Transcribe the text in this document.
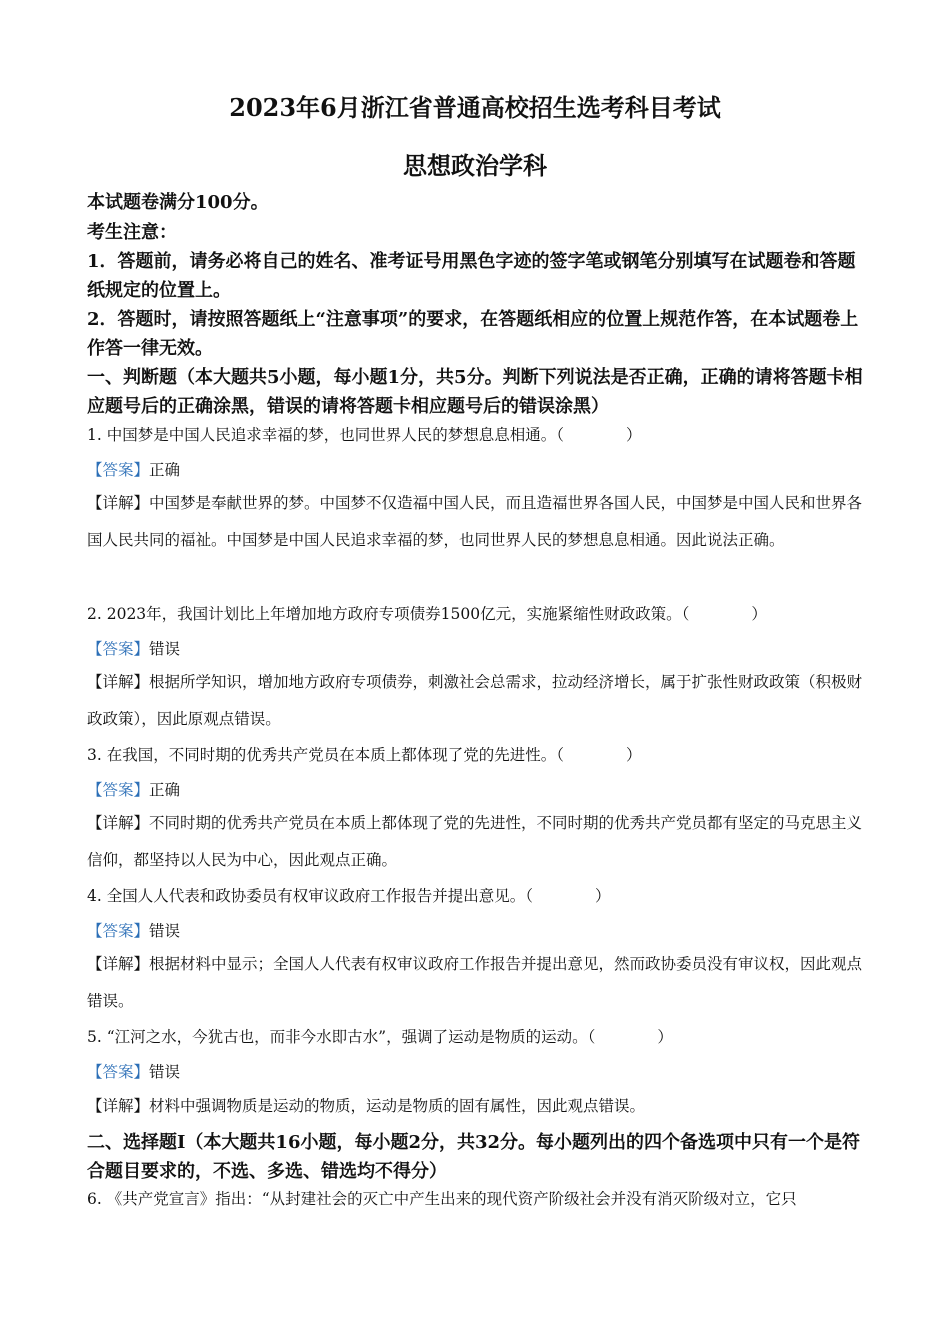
2023年6月浙江省普通高校招生选考科目考试
思想政治学科
本试题卷满分100分。
考生注意：
1．答题前，请务必将自己的姓名、准考证号用黑色字迹的签字笔或钢笔分别填写在试题卷和答题纸规定的位置上。
2．答题时，请按照答题纸上“注意事项”的要求，在答题纸相应的位置上规范作答，在本试题卷上作答一律无效。
一、判断题（本大题共5小题，每小题1分，共5分。判断下列说法是否正确，正确的请将答题卡相应题号后的正确涂黑，错误的请将答题卡相应题号后的错误涂黑）
1. 中国梦是中国人民追求幸福的梦，也同世界人民的梦想息息相通。（　　　　）
【答案】正确
【详解】中国梦是奉献世界的梦。中国梦不仅造福中国人民，而且造福世界各国人民，中国梦是中国人民和世界各国人民共同的福祉。中国梦是中国人民追求幸福的梦，也同世界人民的梦想息息相通。因此说法正确。
2. 2023年，我国计划比上年增加地方政府专项债券1500亿元，实施紧缩性财政政策。（　　　　）
【答案】错误
【详解】根据所学知识，增加地方政府专项债券，刺激社会总需求，拉动经济增长，属于扩张性财政政策（积极财政政策），因此原观点错误。
3. 在我国，不同时期的优秀共产党员在本质上都体现了党的先进性。（　　　　）
【答案】正确
【详解】不同时期的优秀共产党员在本质上都体现了党的先进性，不同时期的优秀共产党员都有坚定的马克思主义信仰，都坚持以人民为中心，因此观点正确。
4. 全国人人代表和政协委员有权审议政府工作报告并提出意见。（　　　　）
【答案】错误
【详解】根据材料中显示；全国人人代表有权审议政府工作报告并提出意见，然而政协委员没有审议权，因此观点错误。
5. “江河之水，今犹古也，而非今水即古水”，强调了运动是物质的运动。（　　　　）
【答案】错误
【详解】材料中强调物质是运动的物质，运动是物质的固有属性，因此观点错误。
二、选择题Ⅰ（本大题共16小题，每小题2分，共32分。每小题列出的四个备选项中只有一个是符合题目要求的，不选、多选、错选均不得分）
6. 《共产党宣言》指出：“从封建社会的灭亡中产生出来的现代资产阶级社会并没有消灭阶级对立，它只
